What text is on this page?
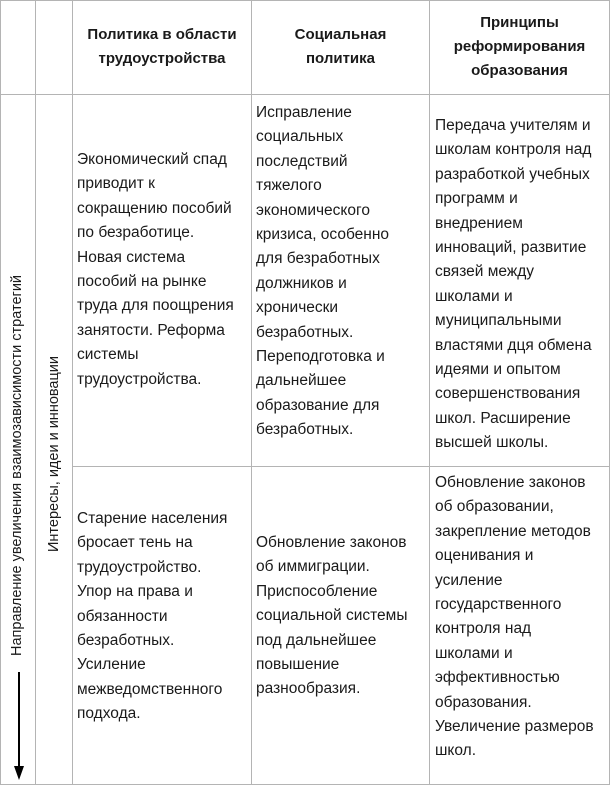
Политика в области
трудоустройства
Социальная
политика
Принципы
реформирования
образования
Направление увеличения взаимозависимости стратегий Интересы, идеи и инновации
Экономический спад
приводит к
сокращению пособий
по безработице.
Новая система
пособий на рынке
труда для поощрения
занятости. Реформа
системы
трудоустройства.
Исправление
социальных
последствий
тяжелого
экономического
кризиса, особенно
для безработных
должников и
хронически
безработных.
Переподготовка и
дальнейшее
образование для
безработных.
Передача учителям и
школам контроля над
разработкой учебных
программ и
внедрением
инноваций, развитие
связей между
школами и
муниципальными
властями дця обмена
идеями и опытом
совершенствования
школ. Расширение
высшей школы.
Старение населения
бросает тень на
трудоустройство.
Упор на права и
обязанности
безработных.
Усиление
межведомственного
подхода.
Обновление законов
об иммиграции.
Приспособление
социальной системы
под дальнейшее
повышение
разнообразия.
Обновление законов
об образовании,
закрепление методов
оценивания и
усиление
государственного
контроля над
школами и
эффективностью
образования.
Увеличение размеров
школ.
